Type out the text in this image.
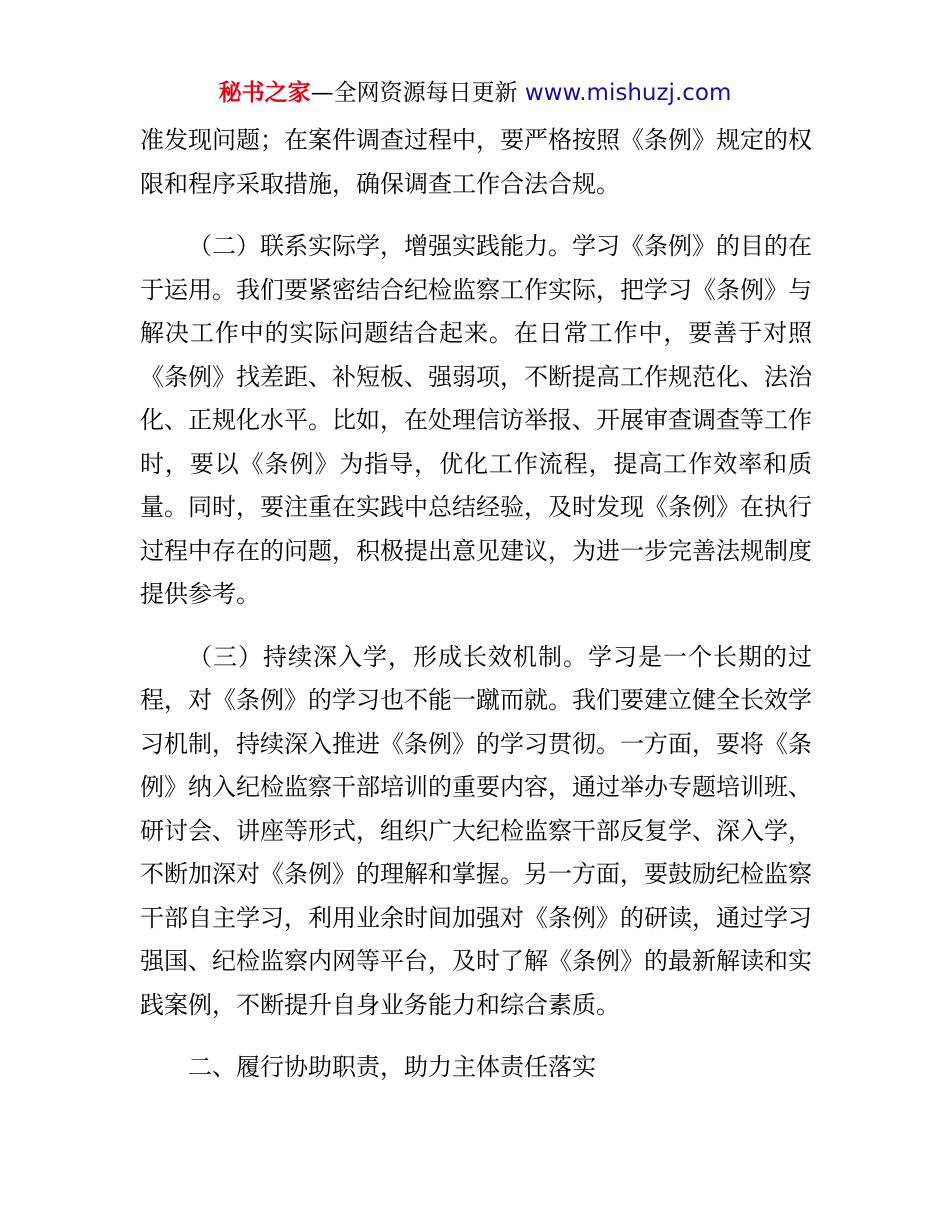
秘书之家—全网资源每日更新 www.mishuzj.com

准发现问题；在案件调查过程中，要严格按照《条例》规定的权限和程序采取措施，确保调查工作合法合规。

（二）联系实际学，增强实践能力。学习《条例》的目的在于运用。我们要紧密结合纪检监察工作实际，把学习《条例》与解决工作中的实际问题结合起来。在日常工作中，要善于对照《条例》找差距、补短板、强弱项，不断提高工作规范化、法治化、正规化水平。比如，在处理信访举报、开展审查调查等工作时，要以《条例》为指导，优化工作流程，提高工作效率和质量。同时，要注重在实践中总结经验，及时发现《条例》在执行过程中存在的问题，积极提出意见建议，为进一步完善法规制度提供参考。

（三）持续深入学，形成长效机制。学习是一个长期的过程，对《条例》的学习也不能一蹴而就。我们要建立健全长效学习机制，持续深入推进《条例》的学习贯彻。一方面，要将《条例》纳入纪检监察干部培训的重要内容，通过举办专题培训班、研讨会、讲座等形式，组织广大纪检监察干部反复学、深入学，不断加深对《条例》的理解和掌握。另一方面，要鼓励纪检监察干部自主学习，利用业余时间加强对《条例》的研读，通过学习强国、纪检监察内网等平台，及时了解《条例》的最新解读和实践案例，不断提升自身业务能力和综合素质。

二、履行协助职责，助力主体责任落实
